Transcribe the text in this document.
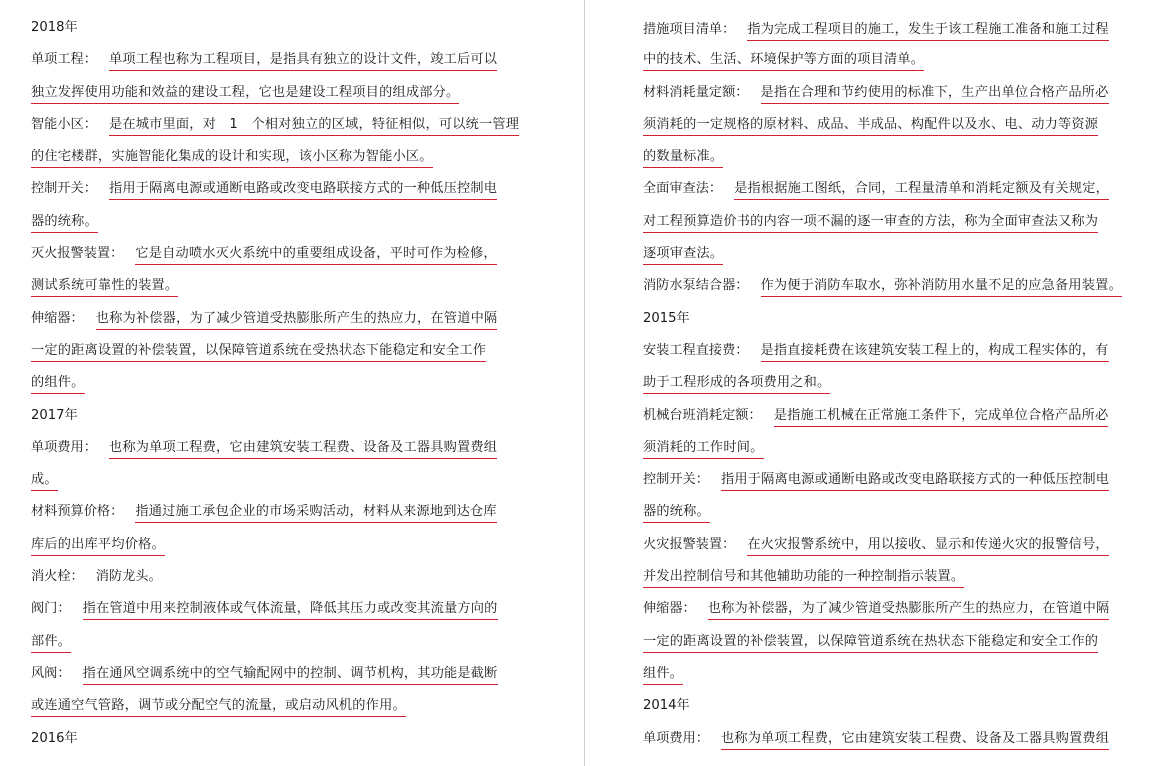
2018年
单项工程： 单项工程也称为工程项目，是指具有独立的设计文件，竣工后可以
独立发挥使用功能和效益的建设工程，它也是建设工程项目的组成部分。
智能小区： 是在城市里面，对　1　个相对独立的区域，特征相似，可以统一管理
的住宅楼群，实施智能化集成的设计和实现，该小区称为智能小区。
控制开关： 指用于隔离电源或通断电路或改变电路联接方式的一种低压控制电
器的统称。
灭火报警装置： 它是自动喷水灭火系统中的重要组成设备，平时可作为检修，
测试系统可靠性的装置。
伸缩器： 也称为补偿器，为了减少管道受热膨胀所产生的热应力，在管道中隔
一定的距离设置的补偿装置，以保障管道系统在受热状态下能稳定和安全工作
的组件。
2017年
单项费用： 也称为单项工程费，它由建筑安装工程费、设备及工器具购置费组
成。
材料预算价格： 指通过施工承包企业的市场采购活动，材料从来源地到达仓库
库后的出库平均价格。
消火栓： 消防龙头。
阀门： 指在管道中用来控制液体或气体流量，降低其压力或改变其流量方向的
部件。
风阀： 指在通风空调系统中的空气输配网中的控制、调节机构，其功能是截断
或连通空气管路，调节或分配空气的流量，或启动风机的作用。
2016年
措施项目清单： 指为完成工程项目的施工，发生于该工程施工准备和施工过程
中的技术、生活、环境保护等方面的项目清单。
材料消耗量定额： 是指在合理和节约使用的标准下，生产出单位合格产品所必
须消耗的一定规格的原材料、成品、半成品、构配件以及水、电、动力等资源
的数量标准。
全面审查法： 是指根据施工图纸，合同，工程量清单和消耗定额及有关规定，
对工程预算造价书的内容一项不漏的逐一审查的方法，称为全面审查法又称为
逐项审查法。
消防水泵结合器： 作为便于消防车取水，弥补消防用水量不足的应急备用装置。
2015年
安装工程直接费： 是指直接耗费在该建筑安装工程上的，构成工程实体的，有
助于工程形成的各项费用之和。
机械台班消耗定额： 是指施工机械在正常施工条件下，完成单位合格产品所必
须消耗的工作时间。
控制开关： 指用于隔离电源或通断电路或改变电路联接方式的一种低压控制电
器的统称。
火灾报警装置： 在火灾报警系统中，用以接收、显示和传递火灾的报警信号，
并发出控制信号和其他辅助功能的一种控制指示装置。
伸缩器： 也称为补偿器，为了减少管道受热膨胀所产生的热应力，在管道中隔
一定的距离设置的补偿装置，以保障管道系统在热状态下能稳定和安全工作的
组件。
2014年
单项费用： 也称为单项工程费，它由建筑安装工程费、设备及工器具购置费组
